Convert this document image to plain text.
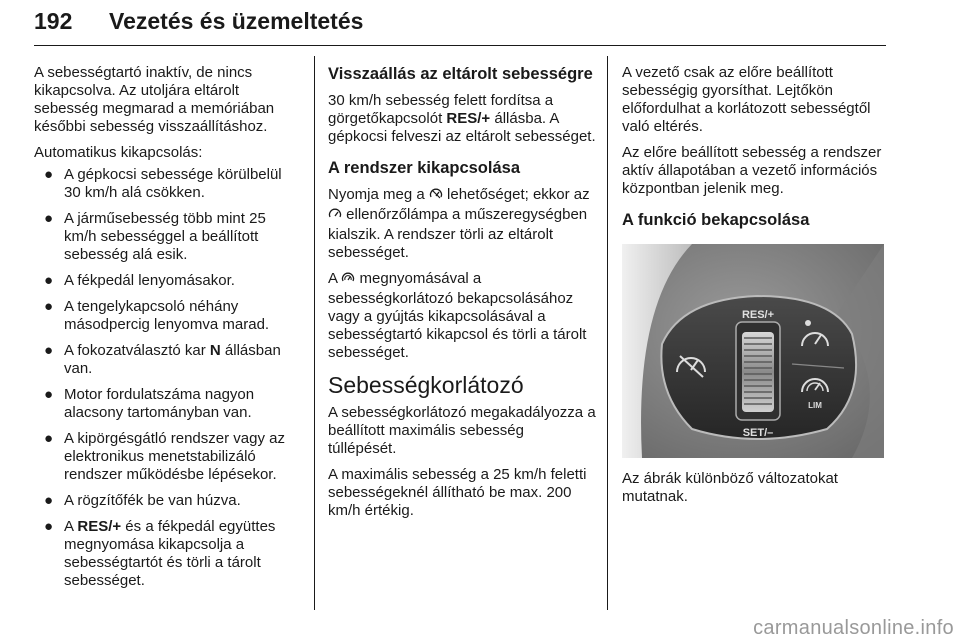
192 Vezetés és üzemeltetés

A sebességtartó inaktív, de nincs kikapcsolva. Az utoljára eltárolt sebesség megmarad a memóriában későbbi sebesség visszaállításhoz.

Automatikus kikapcsolás:

● A gépkocsi sebessége körülbelül 30 km/h alá csökken.
● A járműsebesség több mint 25 km/h sebességgel a beállított sebesség alá esik.
● A fékpedál lenyomásakor.
● A tengelykapcsoló néhány másodpercig lenyomva marad.
● A fokozatválasztó kar N állásban van.
● Motor fordulatszáma nagyon alacsony tartományban van.
● A kipörgésgátló rendszer vagy az elektronikus menetstabilizáló rendszer működésbe lépésekor.
● A rögzítőfék be van húzva.
● A RES/+ és a fékpedál együttes megnyomása kikapcsolja a sebességtartót és törli a tárolt sebességet.
Visszaállás az eltárolt sebességre

30 km/h sebesség felett fordítsa a görgetőkapcsolót RES/+ állásba. A gépkocsi felveszi az eltárolt sebességet.

A rendszer kikapcsolása

Nyomja meg a  lehetőséget; ekkor az  ellenőrzőlámpa a műszeregységben kialszik. A rendszer törli az eltárolt sebességet.

A  megnyomásával a sebességkorlátozó bekapcsolásához vagy a gyújtás kikapcsolásával a sebességtartó kikapcsol és törli a tárolt sebességet.

Sebességkorlátozó

A sebességkorlátozó megakadályozza a beállított maximális sebesség túllépését.

A maximális sebesség a 25 km/h feletti sebességeknél állítható be max. 200 km/h értékig.

A vezető csak az előre beállított sebességig gyorsíthat. Lejtőkön előfordulhat a korlátozott sebességtől való eltérés.

Az előre beállított sebesség a rendszer aktív állapotában a vezető információs központban jelenik meg.

A funkció bekapcsolása
RES/+
SET/–
LIM

Az ábrák különböző változatokat mutatnak.

carmanualsonline.info
